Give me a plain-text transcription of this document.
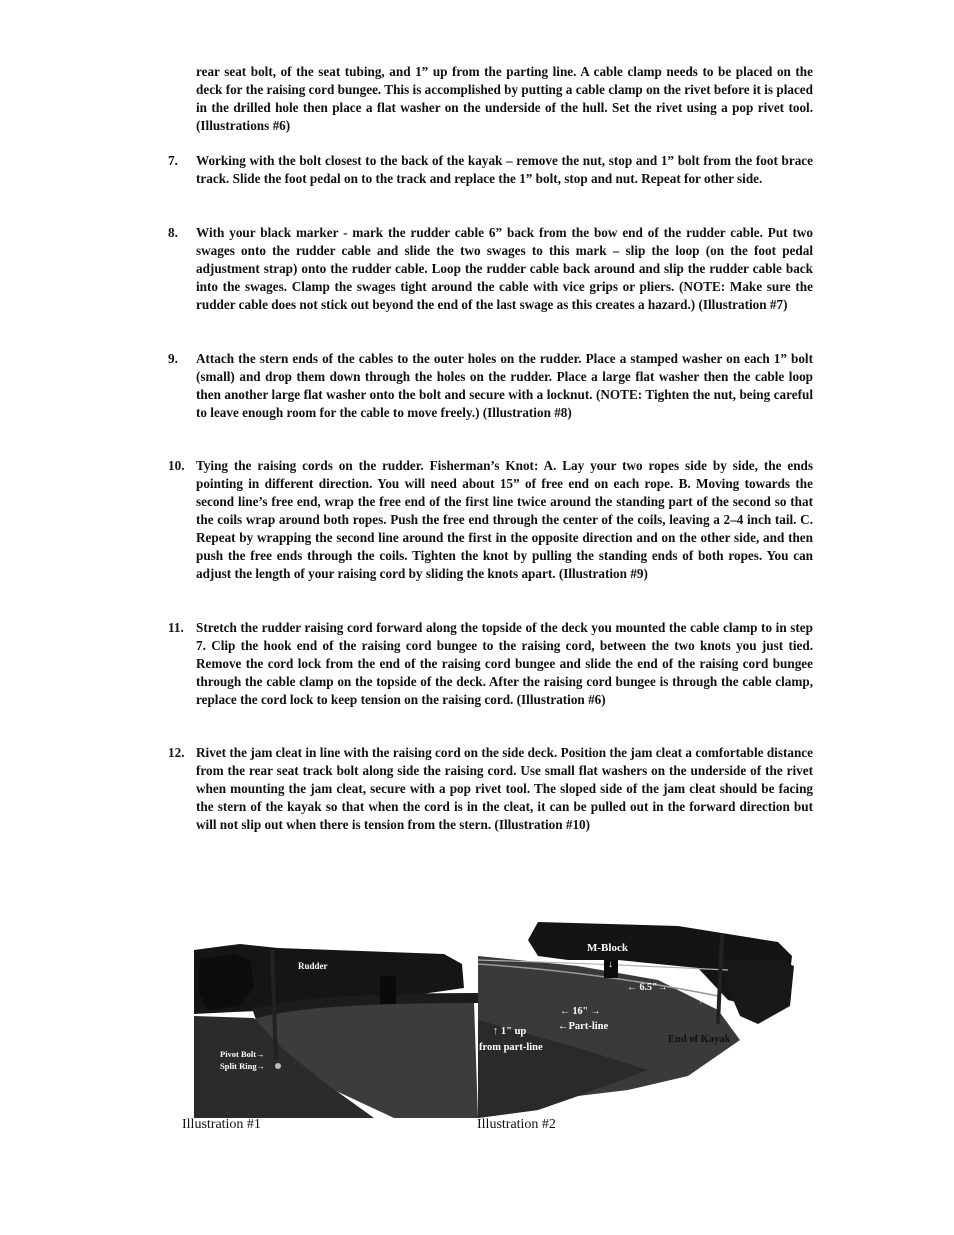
rear seat bolt, of the seat tubing, and 1” up from the parting line. A cable clamp needs to be placed on the deck for the raising cord bungee. This is accomplished by putting a cable clamp on the rivet before it is placed in the drilled hole then place a flat washer on the underside of the hull. Set the rivet using a pop rivet tool. (Illustrations #6)
7. Working with the bolt closest to the back of the kayak – remove the nut, stop and 1” bolt from the foot brace track. Slide the foot pedal on to the track and replace the 1” bolt, stop and nut. Repeat for other side.
8. With your black marker - mark the rudder cable 6” back from the bow end of the rudder cable. Put two swages onto the rudder cable and slide the two swages to this mark – slip the loop (on the foot pedal adjustment strap) onto the rudder cable. Loop the rudder cable back around and slip the rudder cable back into the swages. Clamp the swages tight around the cable with vice grips or pliers. (NOTE: Make sure the rudder cable does not stick out beyond the end of the last swage as this creates a hazard.) (Illustration #7)
9. Attach the stern ends of the cables to the outer holes on the rudder. Place a stamped washer on each 1” bolt (small) and drop them down through the holes on the rudder. Place a large flat washer then the cable loop then another large flat washer onto the bolt and secure with a locknut. (NOTE: Tighten the nut, being careful to leave enough room for the cable to move freely.) (Illustration #8)
10. Tying the raising cords on the rudder. Fisherman’s Knot: A. Lay your two ropes side by side, the ends pointing in different direction. You will need about 15” of free end on each rope. B. Moving towards the second line’s free end, wrap the free end of the first line twice around the standing part of the second so that the coils wrap around both ropes. Push the free end through the center of the coils, leaving a 2–4 inch tail. C. Repeat by wrapping the second line around the first in the opposite direction and on the other side, and then push the free ends through the coils. Tighten the knot by pulling the standing ends of both ropes. You can adjust the length of your raising cord by sliding the knots apart. (Illustration #9)
11. Stretch the rudder raising cord forward along the topside of the deck you mounted the cable clamp to in step 7. Clip the hook end of the raising cord bungee to the raising cord, between the two knots you just tied. Remove the cord lock from the end of the raising cord bungee and slide the end of the raising cord bungee through the cable clamp on the topside of the deck. After the raising cord bungee is through the cable clamp, replace the cord lock to keep tension on the raising cord. (Illustration #6)
12. Rivet the jam cleat in line with the raising cord on the side deck. Position the jam cleat a comfortable distance from the rear seat track bolt along side the raising cord. Use small flat washers on the underside of the rivet when mounting the jam cleat, secure with a pop rivet tool. The sloped side of the jam cleat should be facing the stern of the kayak so that when the cord is in the cleat, it can be pulled out in the forward direction but will not slip out when there is tension from the stern. (Illustration #10)
Rudder
Pivot Bolt→
Split Ring→
M-Block
↓
← 6.5"→
↑
← 16" →
←Part-line
↑ 1" up
from part-line
End of Kayak
Illustration #1	Illustration #2
